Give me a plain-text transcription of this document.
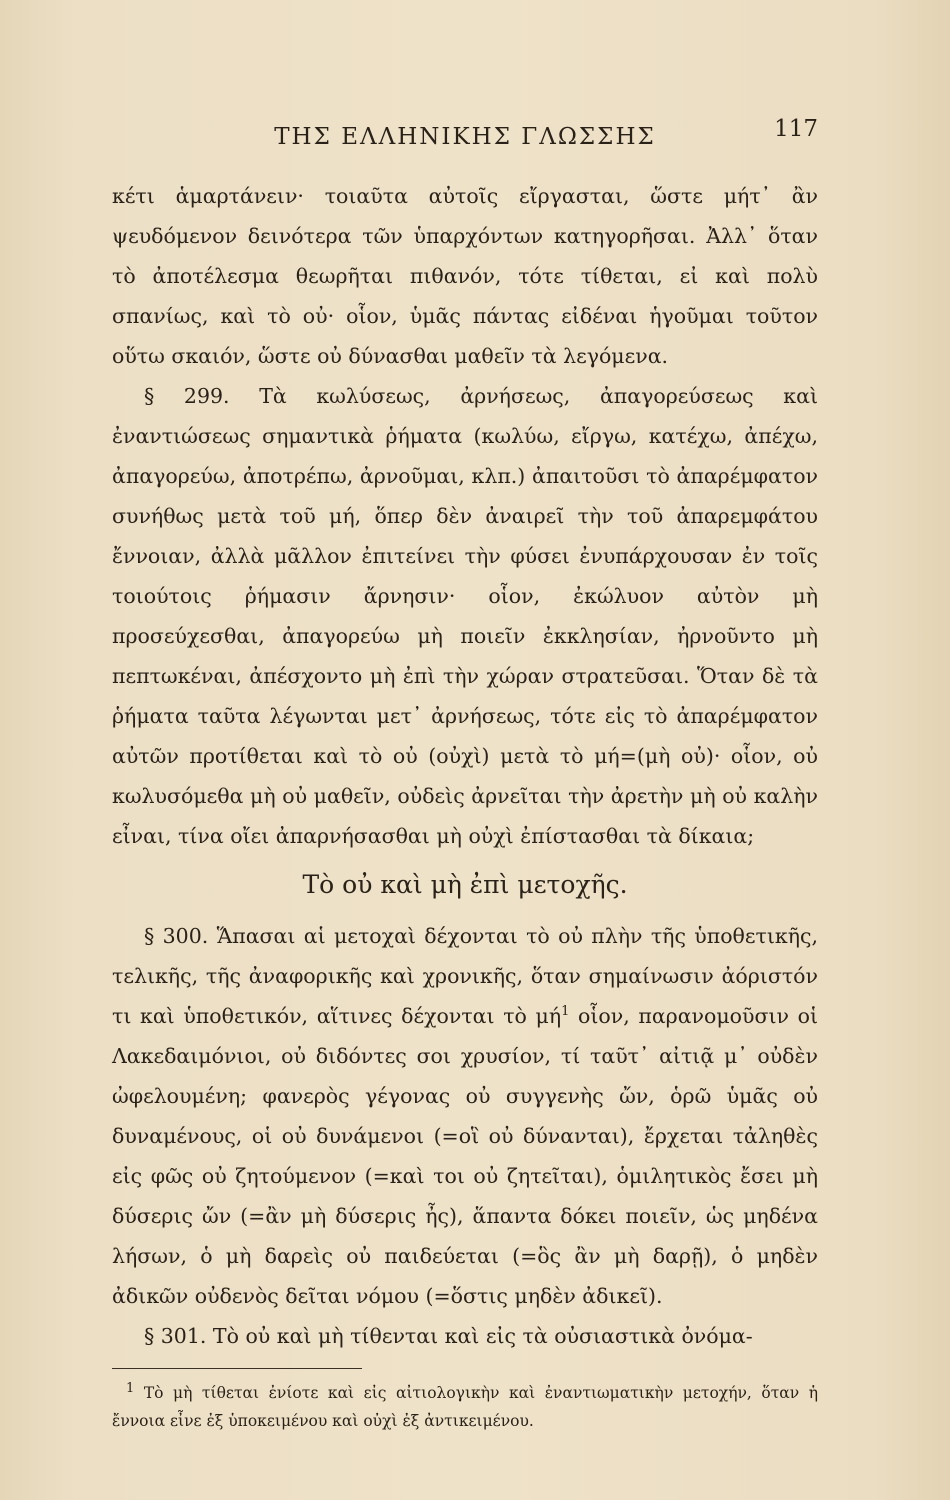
ΤΗΣ ΕΛΛΗΝΙΚΗΣ ΓΛΩΣΣΗΣ	117

κέτι ἁμαρτάνειν· τοιαῦτα αὐτοῖς εἴργασται, ὥστε μήτ᾽ ἂν ψευδόμενον δεινότερα τῶν ὑπαρχόντων κατηγορῆσαι. Ἀλλ᾽ ὅταν τὸ ἀποτέλεσμα θεωρῆται πιθανόν, τότε τίθεται, εἰ καὶ πολὺ σπανίως, καὶ τὸ οὐ· οἷον, ὑμᾶς πάντας εἰδέναι ἡγοῦμαι τοῦτον οὕτω σκαιόν, ὥστε οὐ δύνασθαι μαθεῖν τὰ λεγόμενα.

§ 299. Τὰ κωλύσεως, ἀρνήσεως, ἀπαγορεύσεως καὶ ἐναντιώσεως σημαντικὰ ῥήματα (κωλύω, εἴργω, κατέχω, ἀπέχω, ἀπαγορεύω, ἀποτρέπω, ἀρνοῦμαι, κλπ.) ἀπαιτοῦσι τὸ ἀπαρέμφατον συνήθως μετὰ τοῦ μή, ὅπερ δὲν ἀναιρεῖ τὴν τοῦ ἀπαρεμφάτου ἔννοιαν, ἀλλὰ μᾶλλον ἐπιτείνει τὴν φύσει ἐνυπάρχουσαν ἐν τοῖς τοιούτοις ῥήμασιν ἄρνησιν· οἷον, ἐκώλυον αὐτὸν μὴ προσεύχεσθαι, ἀπαγορεύω μὴ ποιεῖν ἐκκλησίαν, ἠρνοῦντο μὴ πεπτωκέναι, ἀπέσχοντο μὴ ἐπὶ τὴν χώραν στρατεῦσαι. Ὅταν δὲ τὰ ῥήματα ταῦτα λέγωνται μετ᾽ ἀρνήσεως, τότε εἰς τὸ ἀπαρέμφατον αὐτῶν προτίθεται καὶ τὸ οὐ (οὐχὶ) μετὰ τὸ μή=(μὴ οὐ)· οἷον, οὐ κωλυσόμεθα μὴ οὐ μαθεῖν, οὐδεὶς ἀρνεῖται τὴν ἀρετὴν μὴ οὐ καλὴν εἶναι, τίνα οἴει ἀπαρνήσασθαι μὴ οὐχὶ ἐπίστασθαι τὰ δίκαια;

Τὸ οὐ καὶ μὴ ἐπὶ μετοχῆς.

§ 300. Ἅπασαι αἱ μετοχαὶ δέχονται τὸ οὐ πλὴν τῆς ὑποθετικῆς, τελικῆς, τῆς ἀναφορικῆς καὶ χρονικῆς, ὅταν σημαίνωσιν ἀόριστόν τι καὶ ὑποθετικόν, αἵτινες δέχονται τὸ $\mu ή^1$ οἷον, παρανομοῦσιν οἱ Λακεδαιμόνιοι, οὐ διδόντες σοι χρυσίον, τί ταῦτ᾽ αἰτιᾷ μ᾽ οὐδὲν ὠφελουμένη; φανερὸς γέγονας οὐ συγγενὴς ὤν, ὁρῶ ὑμᾶς οὐ δυναμένους, οἱ οὐ δυνάμενοι (=οἳ οὐ δύνανται), ἔρχεται τἀληθὲς εἰς φῶς οὐ ζητούμενον (=καὶ τοι οὐ ζητεῖται), ὁμιλητικὸς ἔσει μὴ δύσερις ὤν (=ἂν μὴ δύσερις ἦς), ἅπαντα δόκει ποιεῖν, ὡς μηδένα λήσων, ὁ μὴ δαρεὶς οὐ παιδεύεται (=ὃς ἂν μὴ δαρῇ), ὁ μηδὲν ἀδικῶν οὐδενὸς δεῖται νόμου (=ὅστις μηδὲν ἀδικεῖ).

§ 301. Τὸ οὐ καὶ μὴ τίθενται καὶ εἰς τὰ οὐσιαστικὰ ὀνόμα-

$^1$ Τὸ μὴ τίθεται ἐνίοτε καὶ εἰς αἰτιολογικὴν καὶ ἐναντιωματικὴν μετοχήν, ὅταν ἡ ἔννοια εἶνε ἐξ ὑποκειμένου καὶ οὐχὶ ἐξ ἀντικειμένου.
